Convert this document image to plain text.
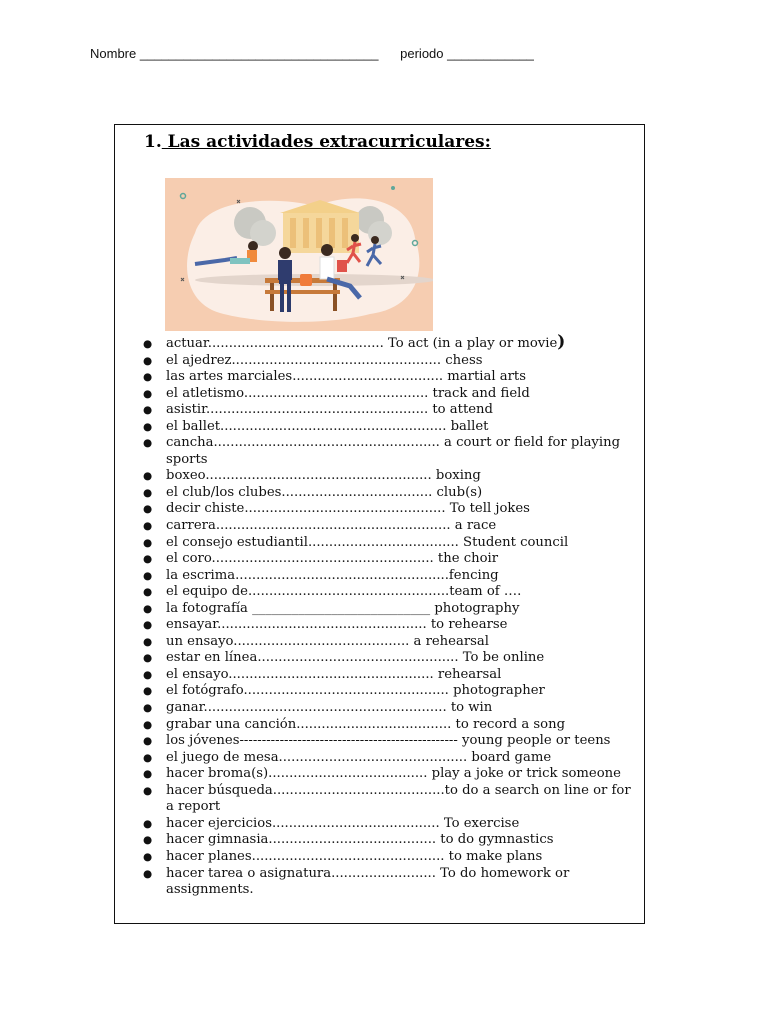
Nombre _________________________________ periodo ____________
1. Las actividades extracurriculares:
● actuar.......................................... To act (in a play or movie)
● el ajedrez.................................................. chess
● las artes marciales.................................... martial arts
● el atletismo............................................ track and field
● asistir..................................................... to attend
● el ballet...................................................... ballet
● cancha...................................................... a court or field for playing sports
● boxeo...................................................... boxing
● el club/los clubes.................................... club(s)
● decir chiste................................................ To tell jokes
● carrera........................................................ a race
● el consejo estudiantil.................................... Student council
● el coro..................................................... the choir
● la escrima...................................................fencing
● el equipo de................................................team of ….
● la fotografía ___________________________ photography
● ensayar.................................................. to rehearse
● un ensayo.......................................... a rehearsal
● estar en línea................................................ To be online
● el ensayo................................................. rehearsal
● el fotógrafo................................................. photographer
● ganar.......................................................... to win
● grabar una canción..................................... to record a song
● los jóvenes------------------------------------------------- young people or teens
● el juego de mesa............................................. board game
● hacer broma(s)...................................... play a joke or trick someone
● hacer búsqueda.........................................to do a search on line or for a report
● hacer ejercicios........................................ To exercise
● hacer gimnasia........................................ to do gymnastics
● hacer planes.............................................. to make plans
● hacer tarea o asignatura......................... To do homework or assignments.
